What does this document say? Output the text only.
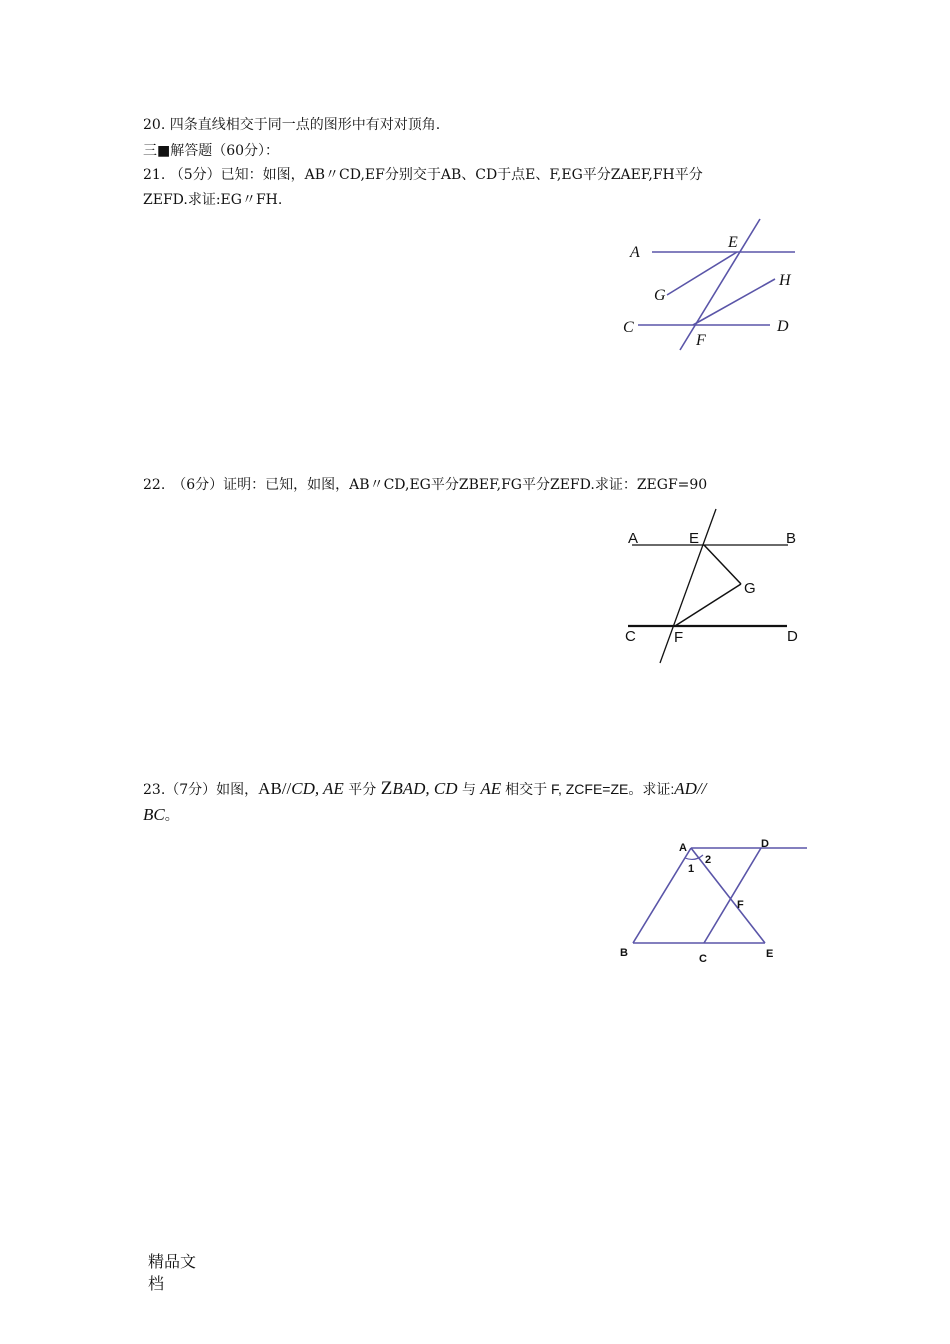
20. 四条直线相交于同一点的图形中有对对顶角.
三■解答题（60分）：
21. （5分）已知：如图，AB〃CD,EF分别交于AB、CD于点E、F,EG平分ZAEF,FH平分
ZEFD.求证:EG〃FH.
A
E
G
H
C	D
F
22.　（6分）证明：已知，如图，AB〃CD,EG平分ZBEF,FG平分ZEFD.求证：ZEGF=90
A	E	B
G
C	F	D
23.（7分）如图，AB//CD, AE 平分 ZBAD, CD 与 AE 相交于 F, ZCFE=ZE。求证:AD//
BC。
A
1
2
D
F
B	C	E
精品文
档
